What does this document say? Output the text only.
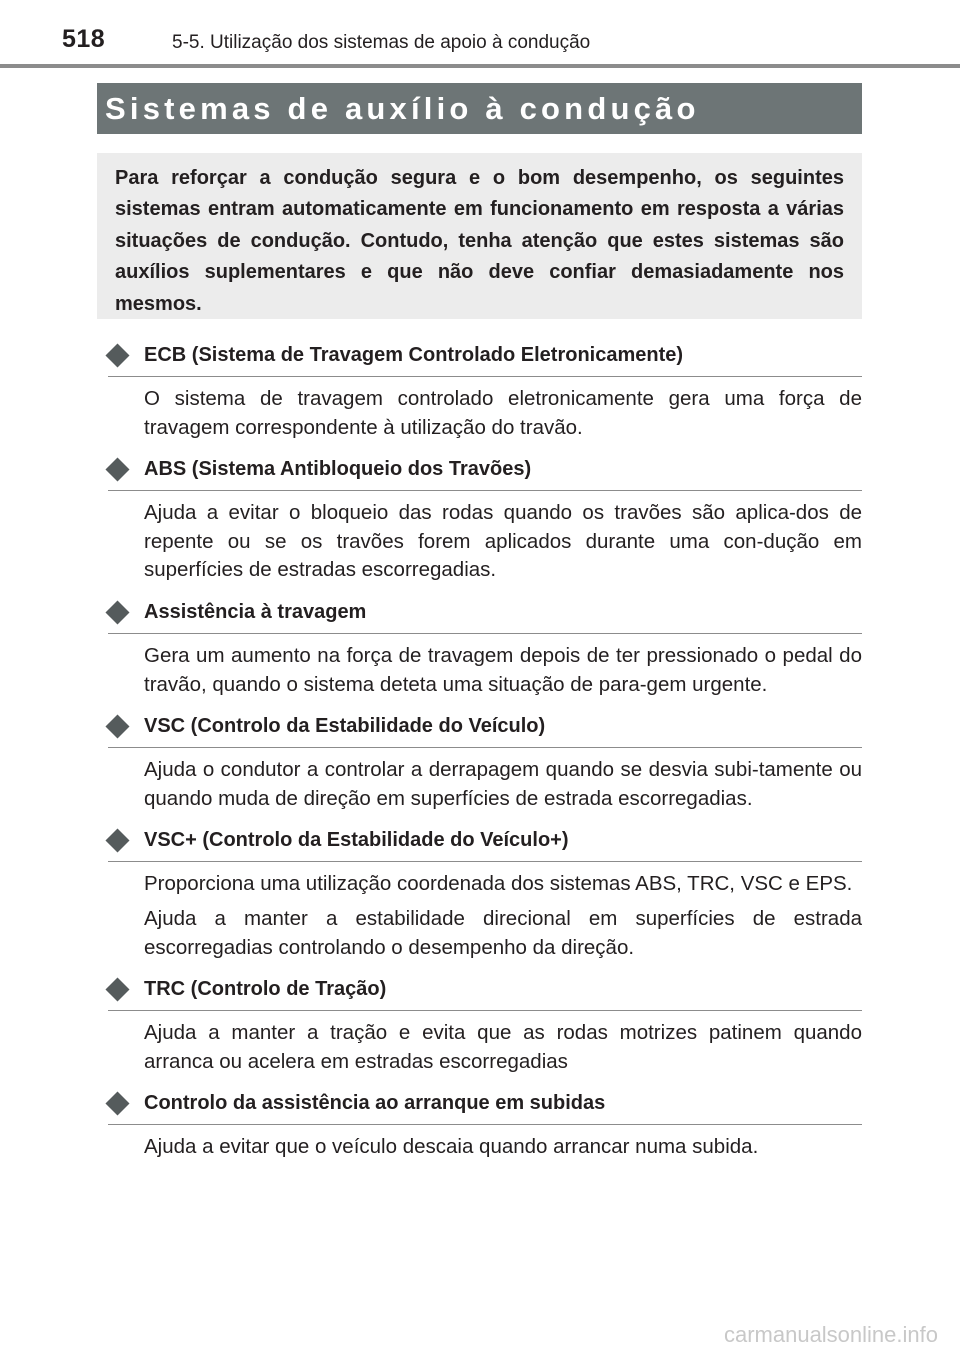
518	5-5. Utilização dos sistemas de apoio à condução
Sistemas de auxílio à condução

Para reforçar a condução segura e o bom desempenho, os seguintes sistemas entram automaticamente em funcionamento em resposta a várias situações de condução. Contudo, tenha atenção que estes sistemas são auxílios suplementares e que não deve confiar demasiadamente nos mesmos.

ECB (Sistema de Travagem Controlado Eletronicamente)

O sistema de travagem controlado eletronicamente gera uma força de travagem correspondente à utilização do travão.

ABS (Sistema Antibloqueio dos Travões)

Ajuda a evitar o bloqueio das rodas quando os travões são aplica-dos de repente ou se os travões forem aplicados durante uma con-dução em superfícies de estradas escorregadias.

Assistência à travagem

Gera um aumento na força de travagem depois de ter pressionado o pedal do travão, quando o sistema deteta uma situação de para-gem urgente.

VSC (Controlo da Estabilidade do Veículo)

Ajuda o condutor a controlar a derrapagem quando se desvia subi-tamente ou quando muda de direção em superfícies de estrada escorregadias.

VSC+ (Controlo da Estabilidade do Veículo+)

Proporciona uma utilização coordenada dos sistemas ABS, TRC, VSC e EPS.

Ajuda a manter a estabilidade direcional em superfícies de estrada escorregadias controlando o desempenho da direção.

TRC (Controlo de Tração)

Ajuda a manter a tração e evita que as rodas motrizes patinem quando arranca ou acelera em estradas escorregadias

Controlo da assistência ao arranque em subidas

Ajuda a evitar que o veículo descaia quando arrancar numa subida.

carmanualsonline.info
